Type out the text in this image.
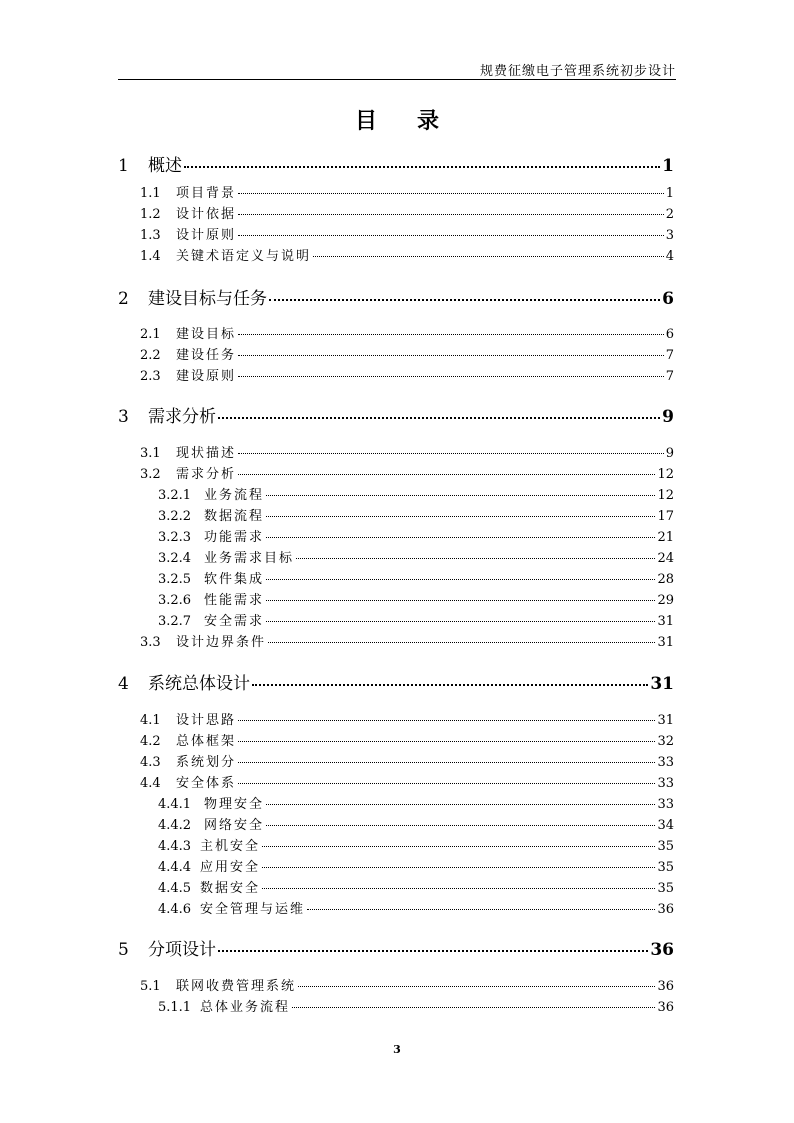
规费征缴电子管理系统初步设计
目录
1	概述	1
1.1	项目背景	1
1.2	设计依据	2
1.3	设计原则	3
1.4	关键术语定义与说明	4
2	建设目标与任务	6
2.1	建设目标	6
2.2	建设任务	7
2.3	建设原则	7
3	需求分析	9
3.1	现状描述	9
3.2	需求分析	12
3.2.1 业务流程	12
3.2.2 数据流程	17
3.2.3 功能需求	21
3.2.4 业务需求目标	24
3.2.5 软件集成	28
3.2.6 性能需求	29
3.2.7 安全需求	31
3.3	设计边界条件	31
4	系统总体设计	31
4.1	设计思路	31
4.2	总体框架	32
4.3	系统划分	33
4.4	安全体系	33
4.4.1 物理安全	33
4.4.2 网络安全	34
4.4.3 主机安全	35
4.4.4 应用安全	35
4.4.5 数据安全	35
4.4.6 安全管理与运维	36
5	分项设计	36
5.1	联网收费管理系统	36
5.1.1 总体业务流程	36
3
